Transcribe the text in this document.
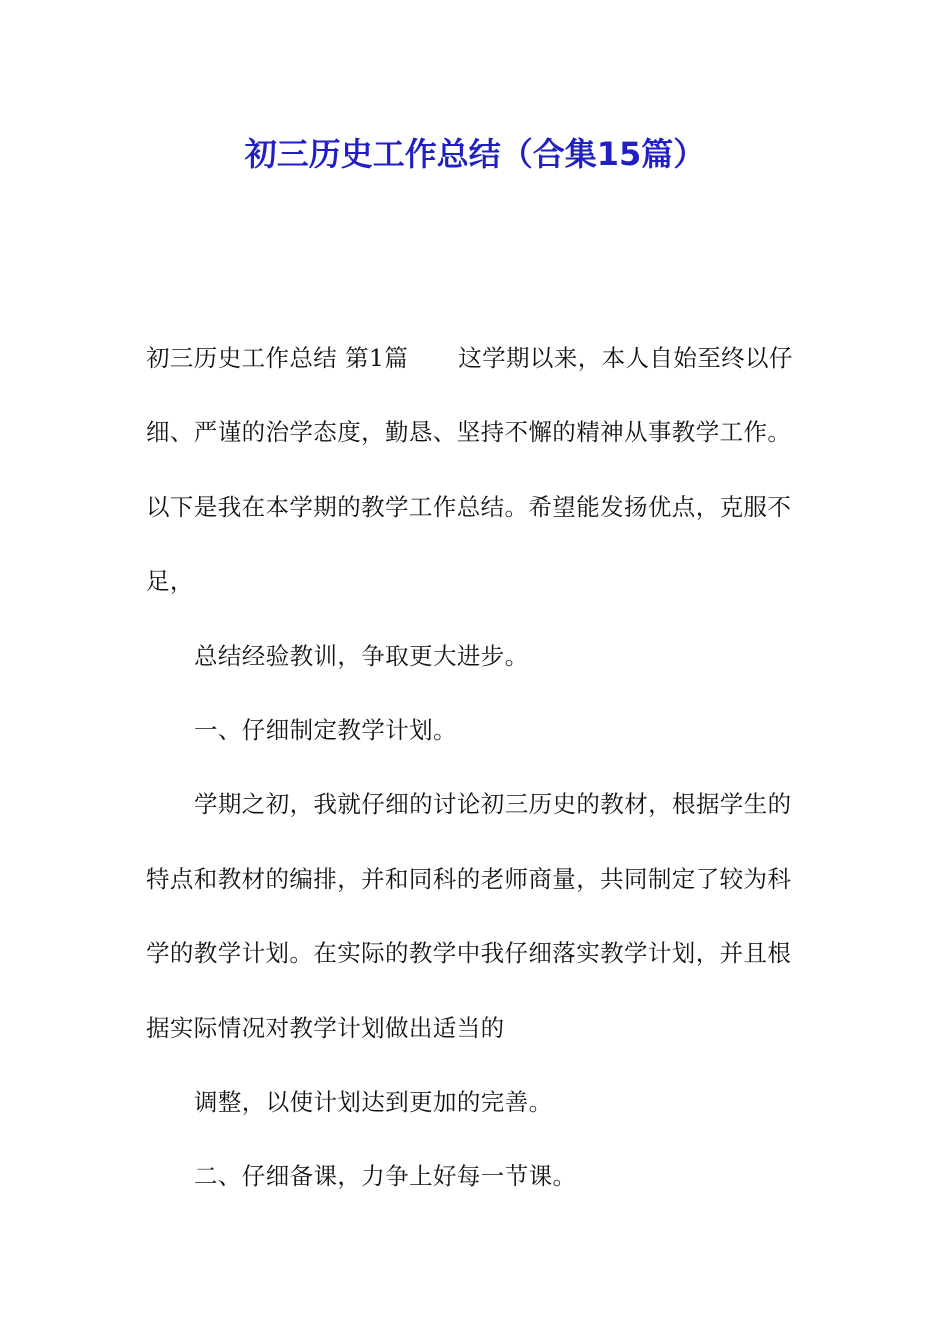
初三历史工作总结（合集15篇）
初三历史工作总结 第1篇 这学期以来，本人自始至终以仔
细、严谨的治学态度，勤恳、坚持不懈的精神从事教学工作。
以下是我在本学期的教学工作总结。希望能发扬优点，克服不
足，
总结经验教训，争取更大进步。
一、仔细制定教学计划。
学期之初，我就仔细的讨论初三历史的教材，根据学生的
特点和教材的编排，并和同科的老师商量，共同制定了较为科
学的教学计划。在实际的教学中我仔细落实教学计划，并且根
据实际情况对教学计划做出适当的
调整，以使计划达到更加的完善。
二、仔细备课，力争上好每一节课。
